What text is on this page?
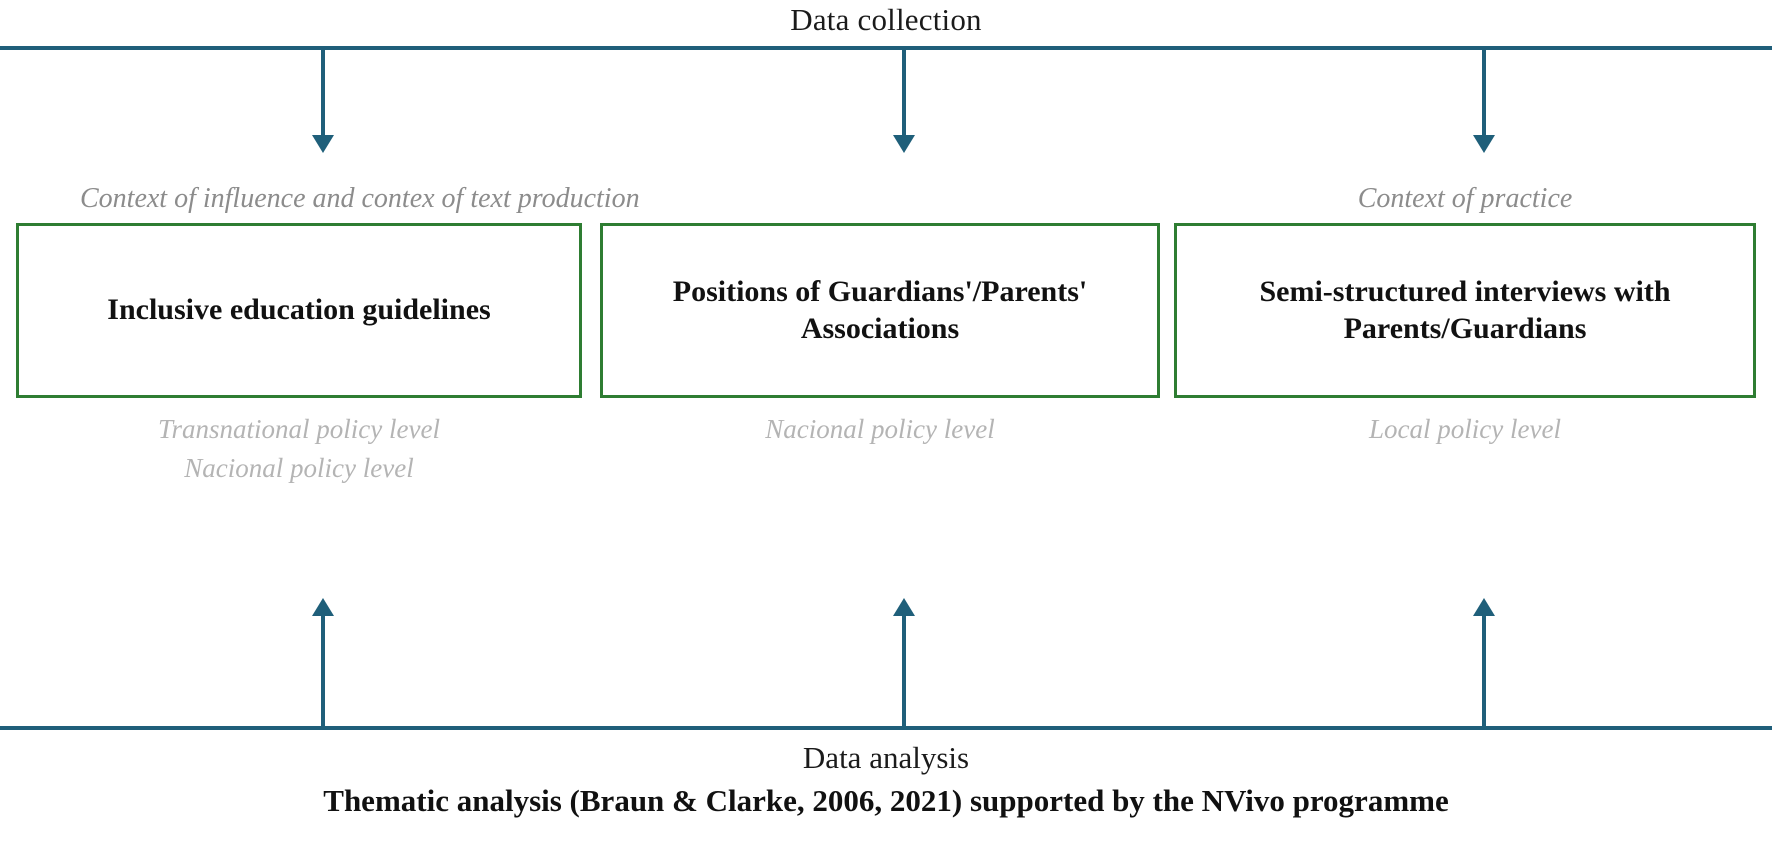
Data collection
Context of influence and contex of text production

Inclusive education guidelines
Transnational policy level
Nacional policy level
Positions of Guardians'/Parents' Associations
Nacional policy level
Context of practice
Semi-structured interviews with Parents/Guardians
Local policy level
Data analysis
Thematic analysis (Braun & Clarke, 2006, 2021) supported by the NVivo programme
